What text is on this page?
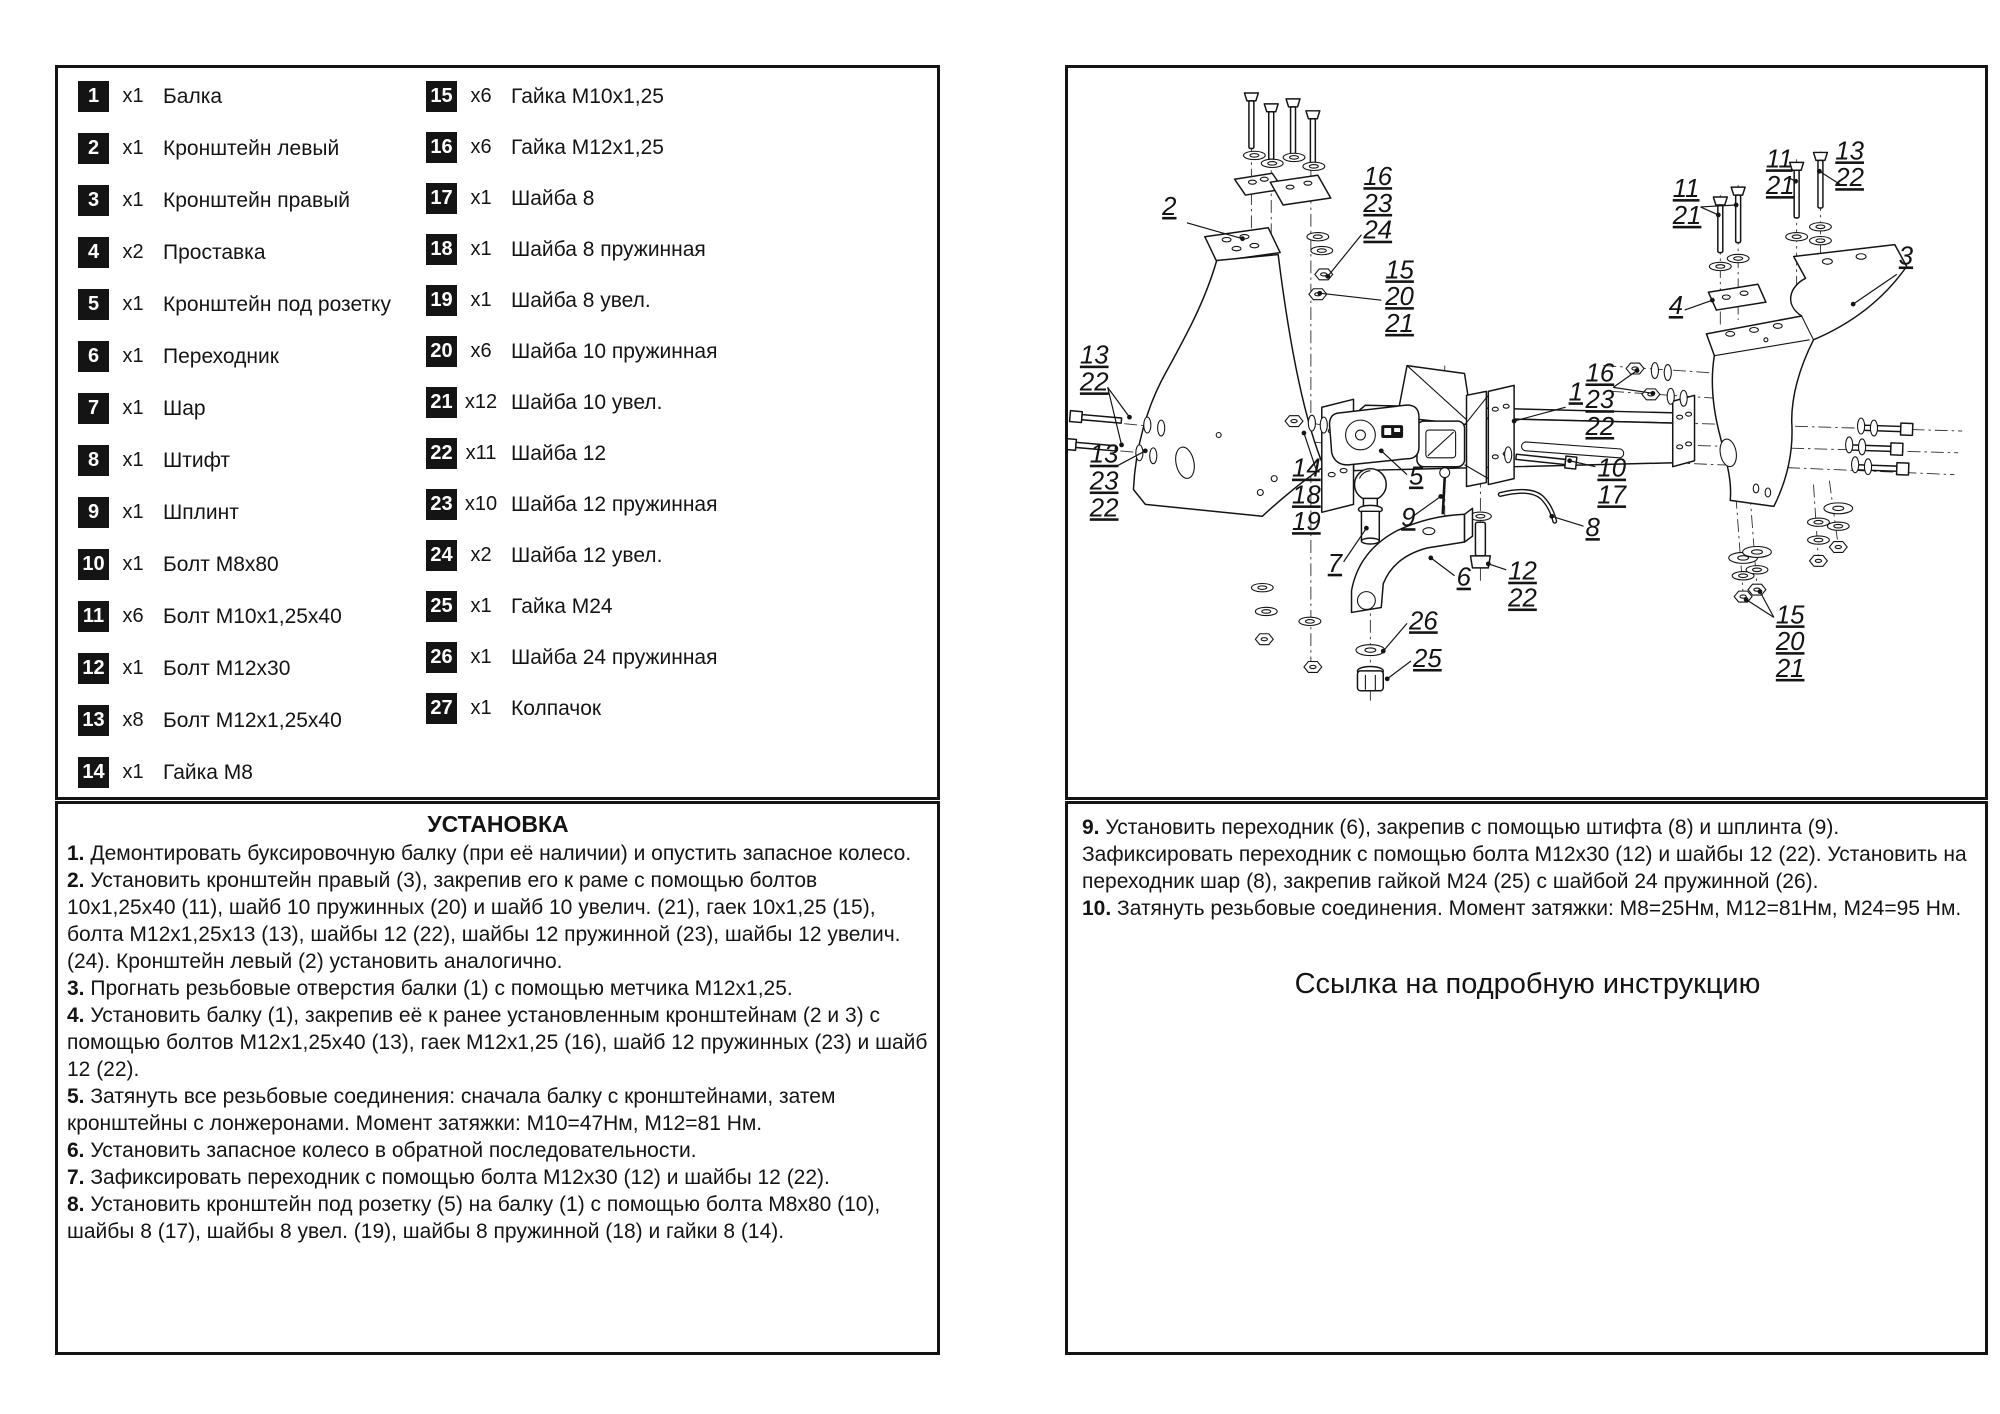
1	x1 Балка
2	x1 Кронштейн левый
3	x1 Кронштейн правый
4	x2 Проставка
5	x1 Кронштейн под розетку
6	x1 Переходник
7	x1 Шар
8	x1 Штифт
9	x1 Шплинт
10 x1 Болт М8х80
11 x6 Болт М10х1,25х40
12 x1 Болт М12х30
13 x8 Болт М12х1,25х40
14 x1 Гайка М8
15 x6 Гайка М10х1,25
16 x6 Гайка М12х1,25
17 x1 Шайба 8
18 x1 Шайба 8 пружинная
19 x1 Шайба 8 увел.
20 x6 Шайба 10 пружинная
21 x12 Шайба 10 увел.
22 x11 Шайба 12
23 x10 Шайба 12 пружинная
24 x2 Шайба 12 увел.
25 x1 Гайка М24
26 x1 Шайба 24 пружинная
27 x1 Колпачок
УСТАНОВКА

1. Демонтировать буксировочную балку (при её наличии) и опустить запасное колесо.

2. Установить кронштейн правый (3), закрепив его к раме с помощью болтов 10х1,25х40 (11), шайб 10 пружинных (20) и шайб 10 увелич. (21), гаек 10х1,25 (15), болта М12х1,25х13 (13), шайбы 12 (22), шайбы 12 пружинной (23), шайбы 12 увелич. (24). Кронштейн левый (2) установить аналогично.

3. Прогнать резьбовые отверстия балки (1) с помощью метчика М12х1,25.

4. Установить балку (1), закрепив её к ранее установленным кронштейнам (2 и 3) с помощью болтов М12х1,25х40 (13), гаек М12х1,25 (16), шайб 12 пружинных (23) и шайб 12 (22).

5. Затянуть все резьбовые соединения: сначала балку с кронштейнами, затем кронштейны с лонжеронами. Момент затяжки: М10=47Нм, М12=81 Нм.

6. Установить запасное колесо в обратной последовательности.

7. Зафиксировать переходник с помощью болта М12х30 (12) и шайбы 12 (22).

8. Установить кронштейн под розетку (5) на балку (1) с помощью болта М8х80 (10), шайбы 8 (17), шайбы 8 увел. (19), шайбы 8 пружинной (18) и гайки 8 (14).

2
16
23
24
15
20
21
13
22
13
23
22
1
14
18
19
5
9
7	6
26
25
12
22
10
17
8
16
23
22
11
21
11
21
13
22
3
4
15
20
21

9. Установить переходник (6), закрепив с помощью штифта (8) и шплинта (9). Зафиксировать переходник с помощью болта М12х30 (12) и шайбы 12 (22). Установить на переходник шар (8), закрепив гайкой М24 (25) с шайбой 24 пружинной (26).

10. Затянуть резьбовые соединения. Момент затяжки: М8=25Нм, М12=81Нм, М24=95 Нм.

Ссылка на подробную инструкцию
